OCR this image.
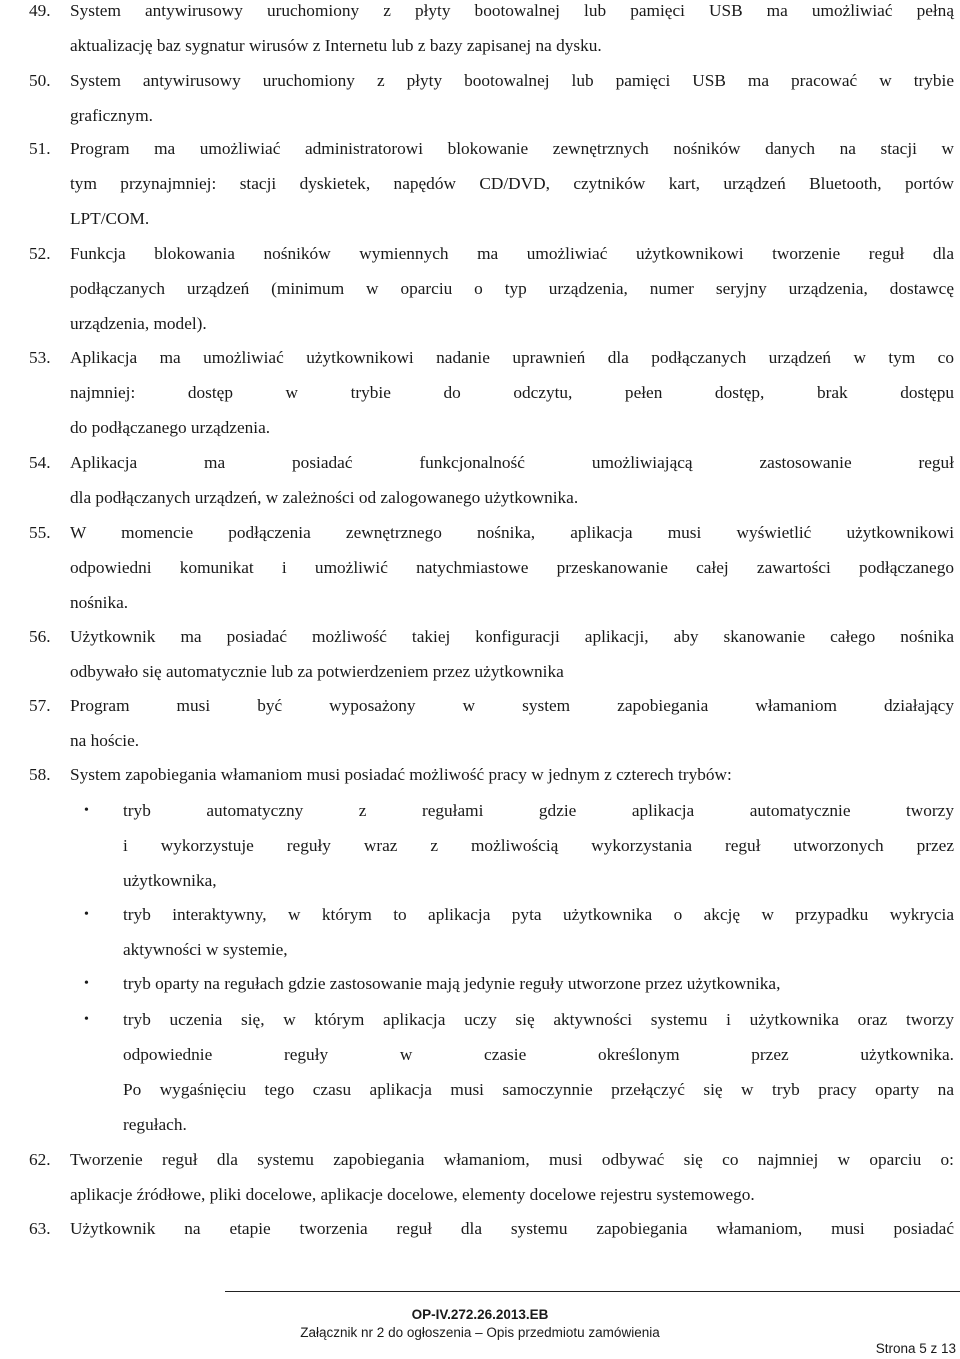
49. System antywirusowy uruchomiony z płyty bootowalnej lub pamięci USB ma umożliwiać pełną
aktualizację baz sygnatur wirusów z Internetu lub z bazy zapisanej na dysku.
50. System antywirusowy uruchomiony z płyty bootowalnej lub pamięci USB ma pracować w trybie
graficznym.
51. Program ma umożliwiać administratorowi blokowanie zewnętrznych nośników danych na stacji w
tym przynajmniej: stacji dyskietek, napędów CD/DVD, czytników kart, urządzeń Bluetooth, portów
LPT/COM.
52. Funkcja blokowania nośników wymiennych ma umożliwiać użytkownikowi tworzenie reguł dla
podłączanych urządzeń (minimum w oparciu o typ urządzenia, numer seryjny urządzenia, dostawcę
urządzenia, model).
53. Aplikacja ma umożliwiać użytkownikowi nadanie uprawnień dla podłączanych urządzeń w tym co
najmniej: dostęp w trybie do odczytu, pełen dostęp, brak dostępu
do podłączanego urządzenia.
54. Aplikacja ma posiadać funkcjonalność umożliwiającą zastosowanie reguł
dla podłączanych urządzeń, w zależności od zalogowanego użytkownika.
55. W momencie podłączenia zewnętrznego nośnika, aplikacja musi wyświetlić użytkownikowi
odpowiedni komunikat i umożliwić natychmiastowe przeskanowanie całej zawartości podłączanego
nośnika.
56. Użytkownik ma posiadać możliwość takiej konfiguracji aplikacji, aby skanowanie całego nośnika
odbywało się automatycznie lub za potwierdzeniem przez użytkownika
57. Program musi być wyposażony w system zapobiegania włamaniom działający
na hoście.
58. System zapobiegania włamaniom musi posiadać możliwość pracy w jednym z czterech trybów:
• tryb automatyczny z regułami gdzie aplikacja automatycznie tworzy
i wykorzystuje reguły wraz z możliwością wykorzystania reguł utworzonych przez
użytkownika,
• tryb interaktywny, w którym to aplikacja pyta użytkownika o akcję w przypadku wykrycia
aktywności w systemie,
• tryb oparty na regułach gdzie zastosowanie mają jedynie reguły utworzone przez użytkownika,
• tryb uczenia się, w którym aplikacja uczy się aktywności systemu i użytkownika oraz tworzy
odpowiednie reguły w czasie określonym przez użytkownika.
Po wygaśnięciu tego czasu aplikacja musi samoczynnie przełączyć się w tryb pracy oparty na
regułach.
62. Tworzenie reguł dla systemu zapobiegania włamaniom, musi odbywać się co najmniej w oparciu o:
aplikacje źródłowe, pliki docelowe, aplikacje docelowe, elementy docelowe rejestru systemowego.
63. Użytkownik na etapie tworzenia reguł dla systemu zapobiegania włamaniom, musi posiadać
OP-IV.272.26.2013.EB
Załącznik nr 2 do ogłoszenia – Opis przedmiotu zamówienia
Strona 5 z 13
